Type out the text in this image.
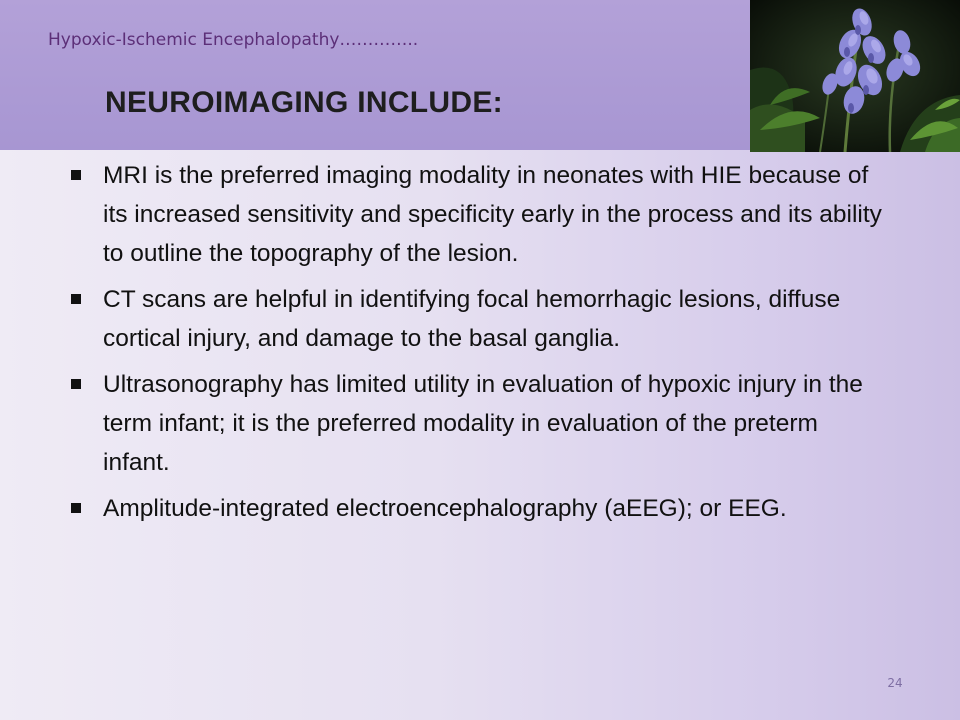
Hypoxic-Ischemic Encephalopathy…………..
NEUROIMAGING INCLUDE:
MRI is the preferred imaging modality in neonates with HIE because of its increased sensitivity and specificity early in the process and its ability to outline the topography of the lesion.
CT scans are helpful in identifying focal hemorrhagic lesions, diffuse cortical injury, and damage to the basal ganglia.
Ultrasonography has limited utility in evaluation of hypoxic injury in the term infant; it is the preferred modality in evaluation of the preterm infant.
Amplitude-integrated electroencephalography (aEEG); or EEG.
24
